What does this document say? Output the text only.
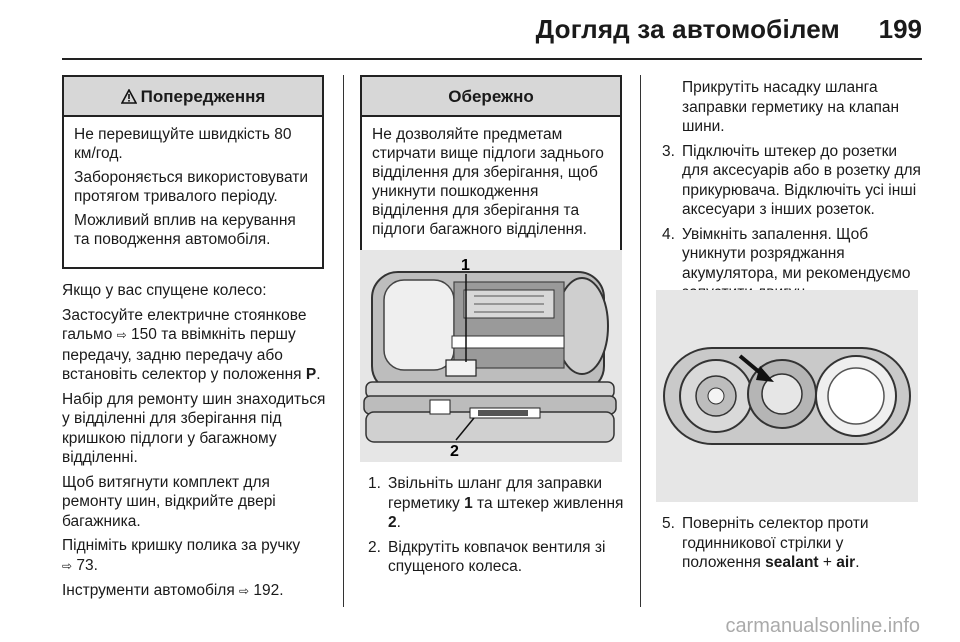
Догляд за автомобілем 199
Попередження

Не перевищуйте швидкість 80 км/год.

Забороняється використовувати протягом тривалого періоду.

Можливий вплив на керування та поводження автомобіля.

Якщо у вас спущене колесо:

Застосуйте електричне стоянкове гальмо ⇨ 150 та ввімкніть першу передачу, задню передачу або встановіть селектор у положення P.

Набір для ремонту шин знаходиться у відділенні для зберігання під кришкою підлоги у багажному відділенні.

Щоб витягнути комплект для ремонту шин, відкрийте двері багажника.

Підніміть кришку полика за ручку
⇨ 73.

Інструменти автомобіля ⇨ 192.

Обережно

Не дозволяйте предметам стирчати вище підлоги заднього відділення для зберігання, щоб уникнути пошкодження відділення для зберігання та підлоги багажного відділення.

1
2
1. Звільніть шланг для заправки герметику 1 та штекер живлення 2.
2. Відкрутіть ковпачок вентиля зі спущеного колеса.
Прикрутіть насадку шланга заправки герметику на клапан шини.
3. Підключіть штекер до розетки для аксесуарів або в розетку для прикурювача. Відключіть усі інші аксесуари з інших розеток.
4. Увімкніть запалення. Щоб уникнути розряджання акумулятора, ми рекомендуємо
5. Поверніть селектор проти годинникової стрілки у положення sealant + air.
carmanualsonline.info
